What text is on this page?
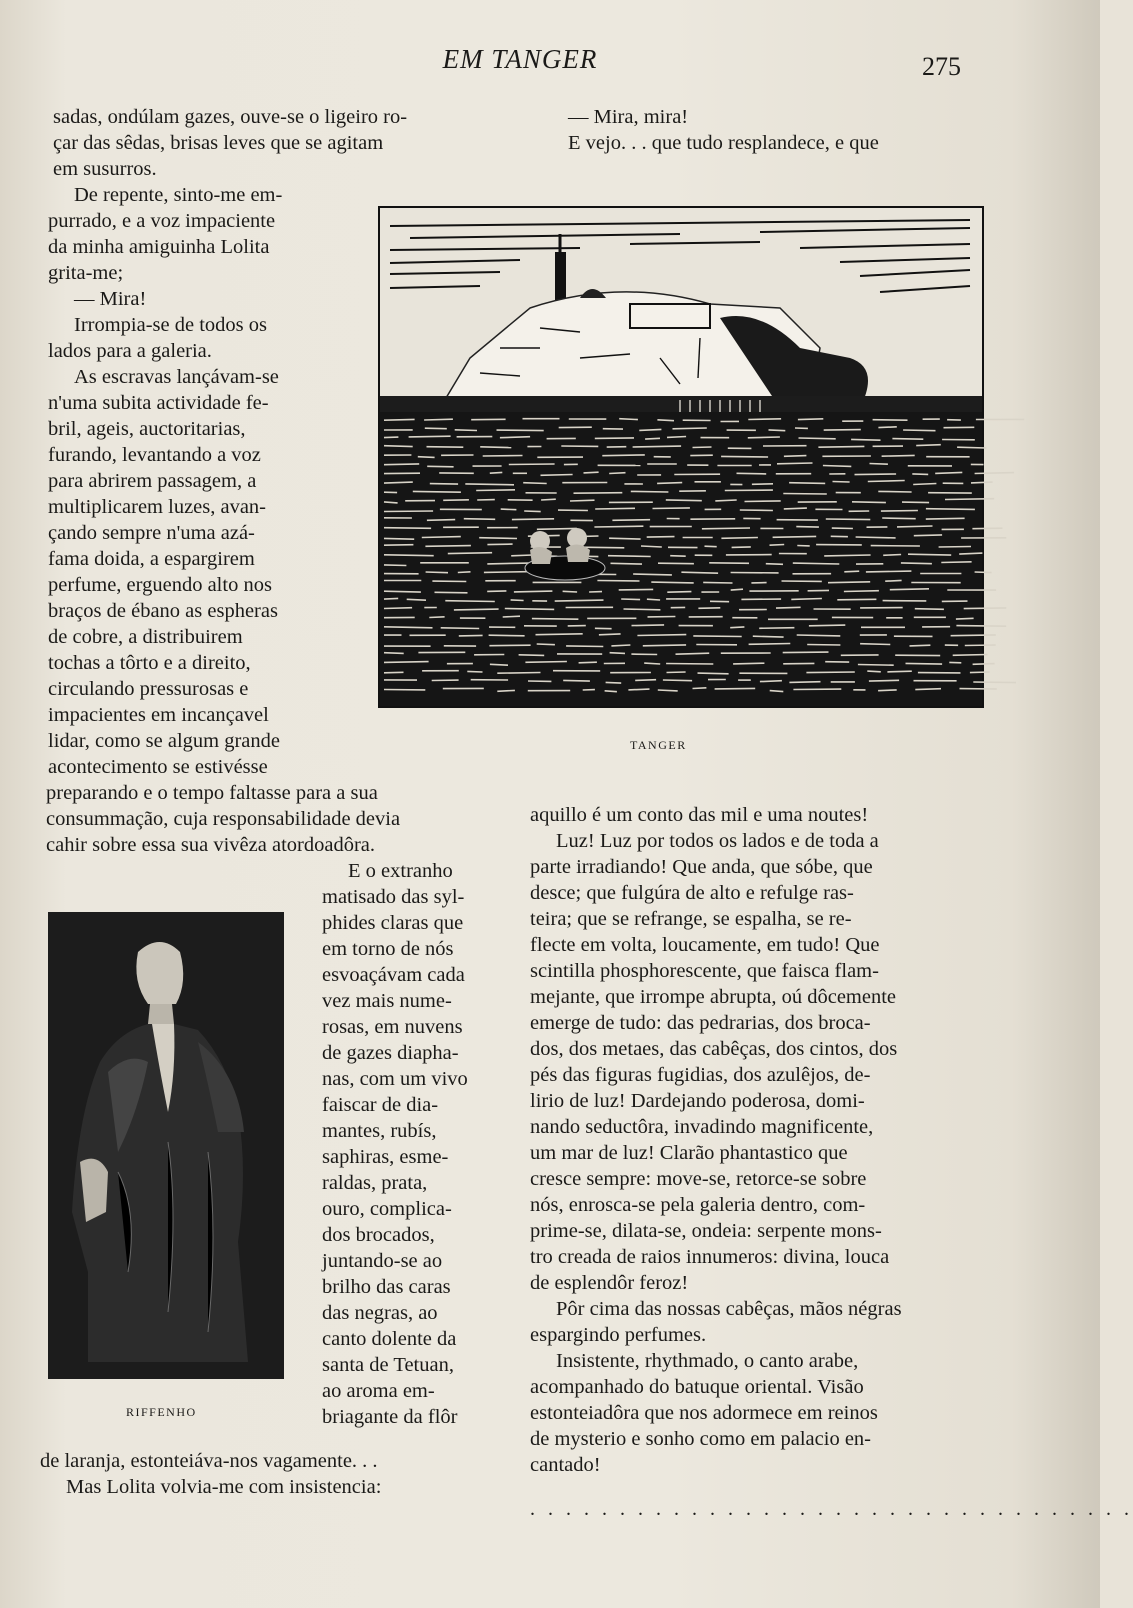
EM TANGER	275

sadas, ondúlam gazes, ouve-se o ligeiro ro-

çar das sêdas, brisas leves que se agitam

em susurros.

De repente, sinto-me em-

purrado, e a voz impaciente

da minha amiguinha Lolita

grita-me;

— Mira!

Irrompia-se de todos os

lados para a galeria.

As escravas lançávam-se

n'uma subita actividade fe-

bril, ageis, auctoritarias,

furando, levantando a voz

para abrirem passagem, a

multiplicarem luzes, avan-

çando sempre n'uma azá-

fama doida, a espargirem

perfume, erguendo alto nos

braços de ébano as espheras

de cobre, a distribuirem

tochas a tôrto e a direito,

circulando pressurosas e

impacientes em incançavel

lidar, como se algum grande

acontecimento se estivésse

preparando e o tempo faltasse para a sua

consummação, cuja responsabilidade devia

cahir sobre essa sua vivêza atordoadôra.

E o extranho

matisado das syl-

phides claras que

em torno de nós

esvoaçávam cada

vez mais nume-

rosas, em nuvens

de gazes diapha-

nas, com um vivo

faiscar de dia-

mantes, rubís,

saphiras, esme-

raldas, prata,

ouro, complica-

dos brocados,

juntando-se ao

brilho das caras

das negras, ao

canto dolente da

santa de Tetuan,

ao aroma em-

briagante da flôr

de laranja, estonteiáva-nos vagamente. . .

Mas Lolita volvia-me com insistencia:

— Mira, mira!

E vejo. . . que tudo resplandece, e que

TANGER
RIFFENHO

aquillo é um conto das mil e uma noutes!

Luz! Luz por todos os lados e de toda a

parte irradiando! Que anda, que sóbe, que

desce; que fulgúra de alto e refulge ras-

teira; que se refrange, se espalha, se re-

flecte em volta, loucamente, em tudo! Que

scintilla phosphorescente, que faisca flam-

mejante, que irrompe abrupta, oú dôcemente

emerge de tudo: das pedrarias, dos broca-

dos, dos metaes, das cabêças, dos cintos, dos

pés das figuras fugidias, dos azulêjos, de-

lirio de luz! Dardejando poderosa, domi-

nando seductôra, invadindo magnificente,

um mar de luz! Clarão phantastico que

cresce sempre: move-se, retorce-se sobre

nós, enrosca-se pela galeria dentro, com-

prime-se, dilata-se, ondeia: serpente mons-

tro creada de raios innumeros: divina, louca

de esplendôr feroz!

Pôr cima das nossas cabêças, mãos négras

espargindo perfumes.

Insistente, rhythmado, o canto arabe,

acompanhado do batuque oriental. Visão

estonteiadôra que nos adormece em reinos

de mysterio e sonho como em palacio en-

cantado!

. . . . . . . . . . . . . . . . . . . . . . . . . . . . . . . . . .
